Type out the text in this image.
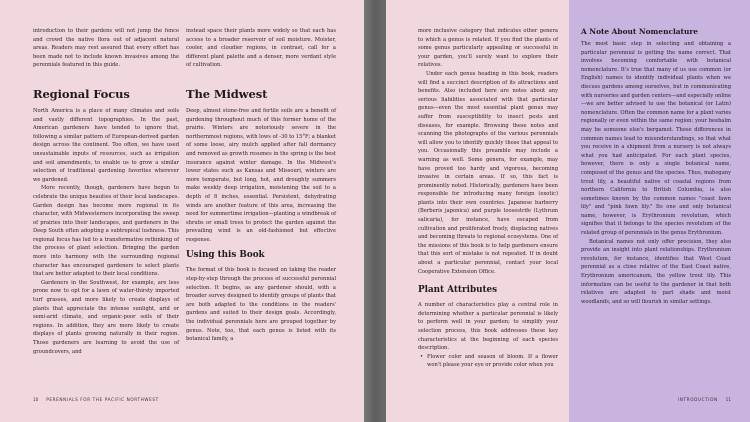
introduction to their gardens will not jump the fence and crowd the native flora out of adjacent natural areas. Readers may rest assured that every effort has been made not to include known invasives among the perennials featured in this guide.

Regional Focus

North America is a place of many climates and soils and vastly different topographies. In the past, American gardeners have tended to ignore that, following a similar pattern of European-derived garden design across the continent. Too often, we have used unsustainable inputs of resources, such as irrigation and soil amendments, to enable us to grow a similar selection of traditional gardening favorites wherever we gardened.

More recently, though, gardeners have begun to celebrate the unique beauties of their local landscapes. Garden design has become more regional in its character, with Midwesterners incorporating the sweep of prairies into their landscapes, and gardeners in the Deep South often adopting a subtropical lushness. This regional focus has led to a transformative rethinking of the process of plant selection. Bringing the garden more into harmony with the surrounding regional character has encouraged gardeners to select plants that are better adapted to their local conditions.

Gardeners in the Southwest, for example, are less prone now to opt for a lawn of water-thirsty imported turf grasses, and more likely to create displays of plants that appreciate the intense sunlight, arid or semi-arid climate, and organic-poor soils of their regions. In addition, they are more likely to create displays of plants growing naturally in their region. Those gardeners are learning to avoid the use of groundcovers, and

instead space their plants more widely so that each has access to a broader reservoir of soil moisture. Moister, cooler, and cloudier regions, in contrast, call for a different plant palette and a denser, more verdant style of cultivation.

The Midwest

Deep, almost stone-free and fertile soils are a benefit of gardening throughout much of this former home of the prairie. Winters are notoriously severe in the northernmost regions, with lows of -30 to 15°F; a blanket of some loose, airy mulch applied after fall dormancy and removed as growth resumes in the spring is the best insurance against winter damage. In the Midwest's lower states such as Kansas and Missouri, winters are more temperate, but long, hot, and droughty summers make weekly deep irrigation, moistening the soil to a depth of 8 inches, essential. Persistent, dehydrating winds are another feature of this area, increasing the need for summertime irrigation—planting a windbreak of shrubs or small trees to protect the garden against the prevailing wind is an old-fashioned but effective response.

Using this Book

The format of this book is focused on taking the reader step-by-step through the process of successful perennial selection. It begins, as any gardener should, with a broader survey designed to identify groups of plants that are both adapted to the conditions in the readers' gardens and suited to their design goals. Accordingly, the individual perennials here are grouped together by genus. Note, too, that each genus is listed with its botanical family, a

more inclusive category that indicates other genera to which a genus is related. If you find the plants of some genus particularly appealing or successful in your garden, you'll surely want to explore their relatives.

Under each genus heading in this book, readers will find a succinct description of its attractions and benefits. Also included here are notes about any serious liabilities associated with that particular genus—even the most essential plant genus may suffer from susceptibility to insect pests and diseases, for example. Browsing these notes and scanning the photographs of the various perennials will allow you to identify quickly those that appeal to you. Occasionally this preamble may include a warning as well. Some genera, for example, may have proved too hardy and vigorous, becoming invasive in certain areas. If so, this fact is prominently noted. Historically, gardeners have been responsible for introducing many foreign (exotic) plants into their own countries. Japanese barberry (Berberis japonica) and purple loosestrife (Lythrum salicaria), for instance, have escaped from cultivation and proliferated freely, displacing natives and becoming threats to regional ecosystems. One of the missions of this book is to help gardeners ensure that this sort of mistake is not repeated. If in doubt about a particular perennial, contact your local Cooperative Extension Office.

Plant Attributes

A number of characteristics play a central role in determining whether a particular perennial is likely to perform well in your garden; to simplify your selection process, this book addresses these key characteristics at the beginning of each species description.

• Flower color and season of bloom. If a flower won't please your eye or provide color when you

A Note About Nomenclature

The most basic step in selecting and obtaining a particular perennial is getting the name correct. That involves becoming comfortable with botanical nomenclature. It's true that many of us use common (or English) names to identify individual plants when we discuss gardens among ourselves, but in communicating with nurseries and garden centers—and especially online—we are better advised to use the botanical (or Latin) nomenclature. Often the common name for a plant varies regionally or even within the same region: your beebalm may be someone else's bergamot. These differences in common names lead to misunderstandings, so that what you receive in a shipment from a nursery is not always what you had anticipated. For each plant species, however, there is only a single botanical name, composed of the genus and the species. Thus, mahogany trout lily, a beautiful native of coastal regions from northern California to British Columbia, is also sometimes known by the common names "coast fawn lily" and "pink fawn lily." Its one and only botanical name, however, is Erythronium revolutum, which signifies that it belongs to the species revolutum of the related group of perennials in the genus Erythronium.

Botanical names not only offer precision, they also provide an insight into plant relationships. Erythronium revolutum, for instance, identifies that West Coast perennial as a close relative of the East Coast native, Erythronium americanum, the yellow trout lily. This information can be useful to the gardener in that both relatives are adapted to part shade and moist woodlands, and so will flourish in similar settings.

10 PERENNIALS FOR THE PACIFIC NORTHWEST	INTRODUCTION 11
